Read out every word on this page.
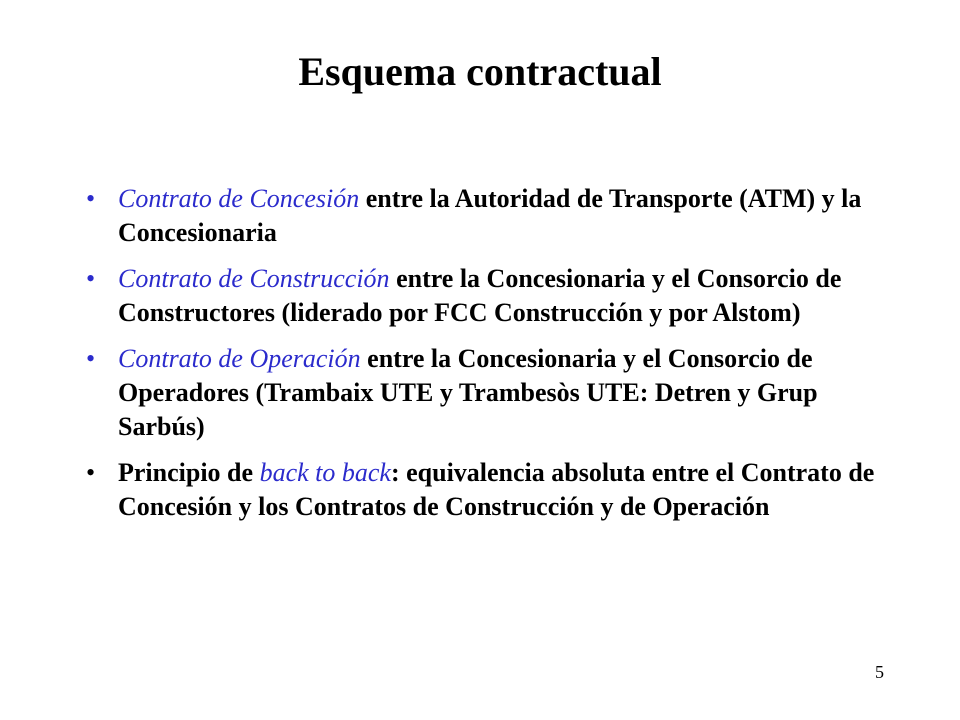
Esquema contractual
• Contrato de Concesión entre la Autoridad de Transporte (ATM) y la Concesionaria
• Contrato de Construcción entre la Concesionaria y el Consorcio de Constructores (liderado por FCC Construcción y por Alstom)
• Contrato de Operación entre la Concesionaria y el Consorcio de Operadores (Trambaix UTE y Trambesòs UTE: Detren y Grup Sarbús)
• Principio de back to back: equivalencia absoluta entre el Contrato de Concesión y los Contratos de Construcción y de Operación
5
